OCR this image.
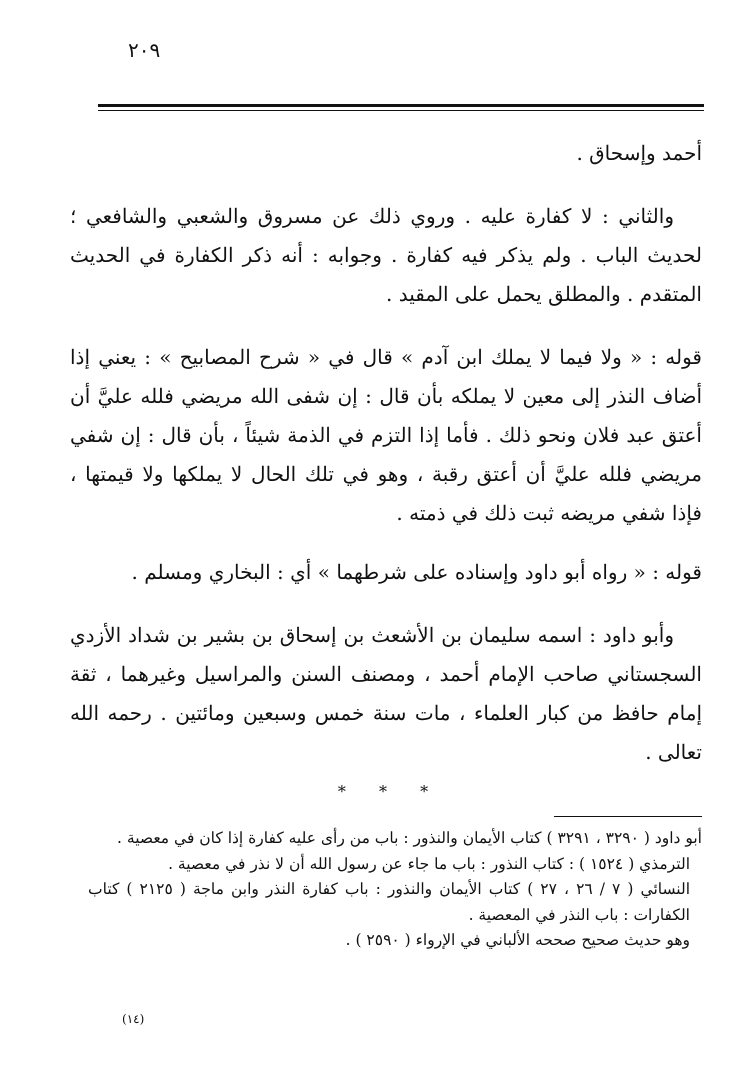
٢٠٩

أحمد وإسحاق .

والثاني : لا كفارة عليه . وروي ذلك عن مسروق والشعبي والشافعي ؛ لحديث الباب . ولم يذكر فيه كفارة . وجوابه : أنه ذكر الكفارة في الحديث المتقدم . والمطلق يحمل على المقيد .

قوله : « ولا فيما لا يملك ابن آدم » قال في « شرح المصابيح » : يعني إذا أضاف النذر إلى معين لا يملكه بأن قال : إن شفى الله مريضي فلله عليَّ أن أعتق عبد فلان ونحو ذلك . فأما إذا التزم في الذمة شيئاً ، بأن قال : إن شفي مريضي فلله عليَّ أن أعتق رقبة ، وهو في تلك الحال لا يملكها ولا قيمتها ، فإذا شفي مريضه ثبت ذلك في ذمته .

قوله : « رواه أبو داود وإسناده على شرطهما » أي : البخاري ومسلم .

وأبو داود : اسمه سليمان بن الأشعث بن إسحاق بن بشير بن شداد الأزدي السجستاني صاحب الإمام أحمد ، ومصنف السنن والمراسيل وغيرهما ، ثقة إمام حافظ من كبار العلماء ، مات سنة خمس وسبعين ومائتين . رحمه الله تعالى .

* * *

أبو داود ( ٣٢٩٠ ، ٣٢٩١ ) كتاب الأيمان والنذور : باب من رأى عليه كفارة إذا كان في معصية .

الترمذي ( ١٥٢٤ ) : كتاب النذور : باب ما جاء عن رسول الله أن لا نذر في معصية .

النسائي ( ٧ / ٢٦ ، ٢٧ ) كتاب الأيمان والنذور : باب كفارة النذر وابن ماجة ( ٢١٢٥ ) كتاب الكفارات : باب النذر في المعصية .

وهو حديث صحيح صححه الألباني في الإرواء ( ٢٥٩٠ ) .

(١٤)
